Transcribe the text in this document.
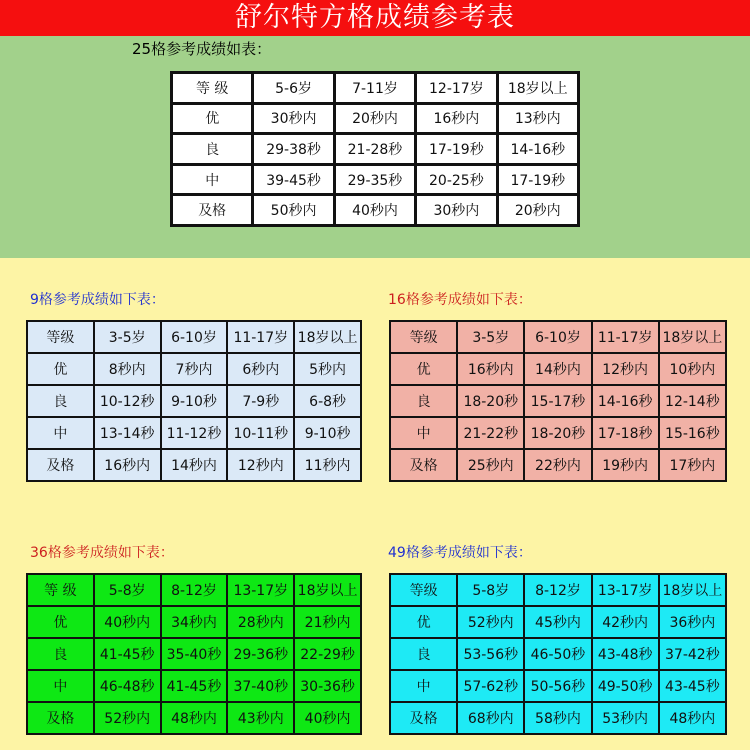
舒尔特方格成绩参考表
25格参考成绩如表：
等 级	5-6岁	7-11岁	12-17岁	18岁以上
优	30秒内	20秒内	16秒内	13秒内
良	29-38秒	21-28秒	17-19秒	14-16秒
中	39-45秒	29-35秒	20-25秒	17-19秒
及格	50秒内	40秒内	30秒内	20秒内
9格参考成绩如下表：
等级	3-5岁	6-10岁	11-17岁	18岁以上
优	8秒内	7秒内	6秒内	5秒内
良	10-12秒	9-10秒	7-9秒	6-8秒
中	13-14秒	11-12秒	10-11秒	9-10秒
及格	16秒内	14秒内	12秒内	11秒内
16格参考成绩如下表：
等级	3-5岁	6-10岁	11-17岁	18岁以上
优	16秒内	14秒内	12秒内	10秒内
良	18-20秒	15-17秒	14-16秒	12-14秒
中	21-22秒	18-20秒	17-18秒	15-16秒
及格	25秒内	22秒内	19秒内	17秒内
36格参考成绩如下表：
等 级	5-8岁	8-12岁	13-17岁	18岁以上
优	40秒内	34秒内	28秒内	21秒内
良	41-45秒	35-40秒	29-36秒	22-29秒
中	46-48秒	41-45秒	37-40秒	30-36秒
及格	52秒内	48秒内	43秒内	40秒内
49格参考成绩如下表：
等级	5-8岁	8-12岁	13-17岁	18岁以上
优	52秒内	45秒内	42秒内	36秒内
良	53-56秒	46-50秒	43-48秒	37-42秒
中	57-62秒	50-56秒	49-50秒	43-45秒
及格	68秒内	58秒内	53秒内	48秒内
